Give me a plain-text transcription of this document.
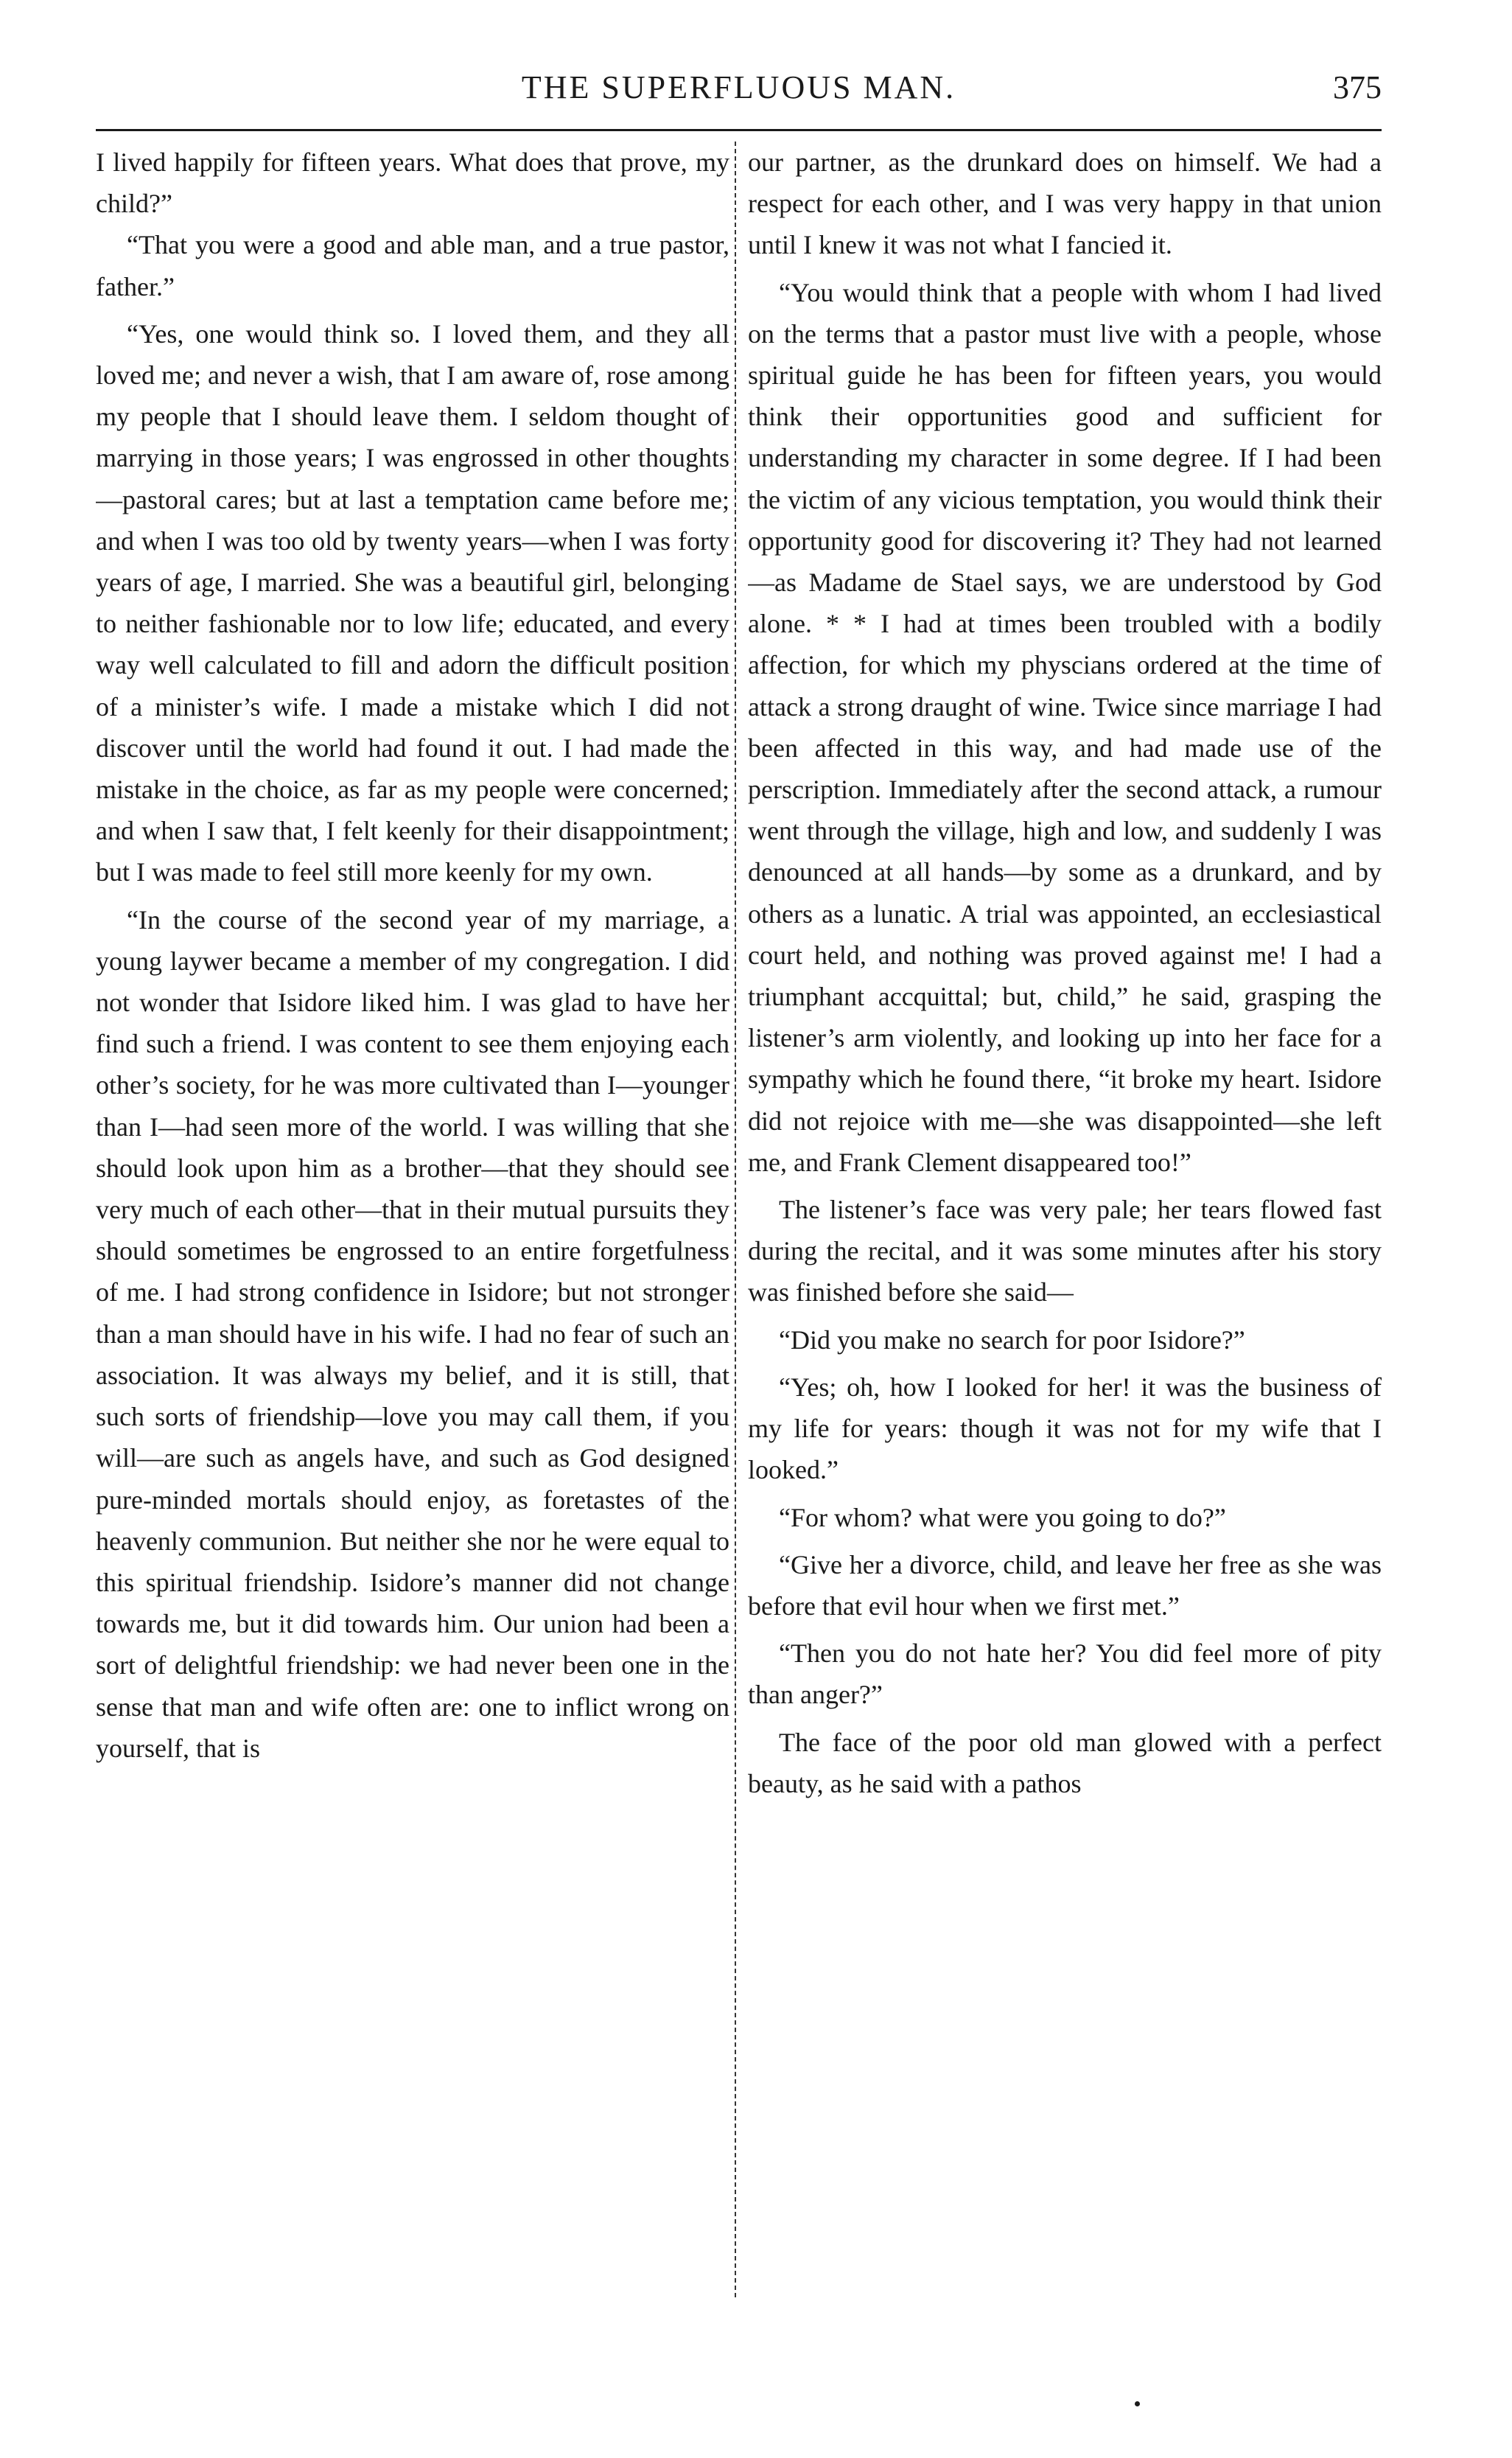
THE SUPERFLUOUS MAN.	375

I lived happily for fifteen years. What does that prove, my child?”

“That you were a good and able man, and a true pastor, father.”

“Yes, one would think so. I loved them, and they all loved me; and never a wish, that I am aware of, rose among my people that I should leave them. I seldom thought of marrying in those years; I was engrossed in other thoughts—pastoral cares; but at last a temptation came before me; and when I was too old by twenty years—when I was forty years of age, I married. She was a beautiful girl, belonging to neither fashionable nor to low life; educated, and every way well calculated to fill and adorn the difficult position of a minister’s wife. I made a mistake which I did not discover until the world had found it out. I had made the mistake in the choice, as far as my people were concerned; and when I saw that, I felt keenly for their disappointment; but I was made to feel still more keenly for my own.

“In the course of the second year of my marriage, a young laywer became a member of my congregation. I did not wonder that Isidore liked him. I was glad to have her find such a friend. I was content to see them enjoying each other’s society, for he was more cultivated than I—younger than I—had seen more of the world. I was willing that she should look upon him as a brother—that they should see very much of each other—that in their mutual pursuits they should sometimes be engrossed to an entire forgetfulness of me. I had strong confidence in Isidore; but not stronger than a man should have in his wife. I had no fear of such an association. It was always my belief, and it is still, that such sorts of friendship—love you may call them, if you will—are such as angels have, and such as God designed pure-minded mortals should enjoy, as foretastes of the heavenly communion. But neither she nor he were equal to this spiritual friendship. Isidore’s manner did not change towards me, but it did towards him. Our union had been a sort of delightful friendship: we had never been one in the sense that man and wife often are: one to inflict wrong on yourself, that is

our partner, as the drunkard does on himself. We had a respect for each other, and I was very happy in that union until I knew it was not what I fancied it.

“You would think that a people with whom I had lived on the terms that a pastor must live with a people, whose spiritual guide he has been for fifteen years, you would think their opportunities good and sufficient for understanding my character in some degree. If I had been the victim of any vicious temptation, you would think their opportunity good for discovering it? They had not learned—as Madame de Stael says, we are understood by God alone. * * I had at times been troubled with a bodily affection, for which my physcians ordered at the time of attack a strong draught of wine. Twice since marriage I had been affected in this way, and had made use of the perscription. Immediately after the second attack, a rumour went through the village, high and low, and suddenly I was denounced at all hands—by some as a drunkard, and by others as a lunatic. A trial was appointed, an ecclesiastical court held, and nothing was proved against me! I had a triumphant accquittal; but, child,” he said, grasping the listener’s arm violently, and looking up into her face for a sympathy which he found there, “it broke my heart. Isidore did not rejoice with me—she was disappointed—she left me, and Frank Clement disappeared too!”

The listener’s face was very pale; her tears flowed fast during the recital, and it was some minutes after his story was finished before she said—

“Did you make no search for poor Isidore?”

“Yes; oh, how I looked for her! it was the business of my life for years: though it was not for my wife that I looked.”

“For whom? what were you going to do?”

“Give her a divorce, child, and leave her free as she was before that evil hour when we first met.”

“Then you do not hate her? You did feel more of pity than anger?”

The face of the poor old man glowed with a perfect beauty, as he said with a pathos
